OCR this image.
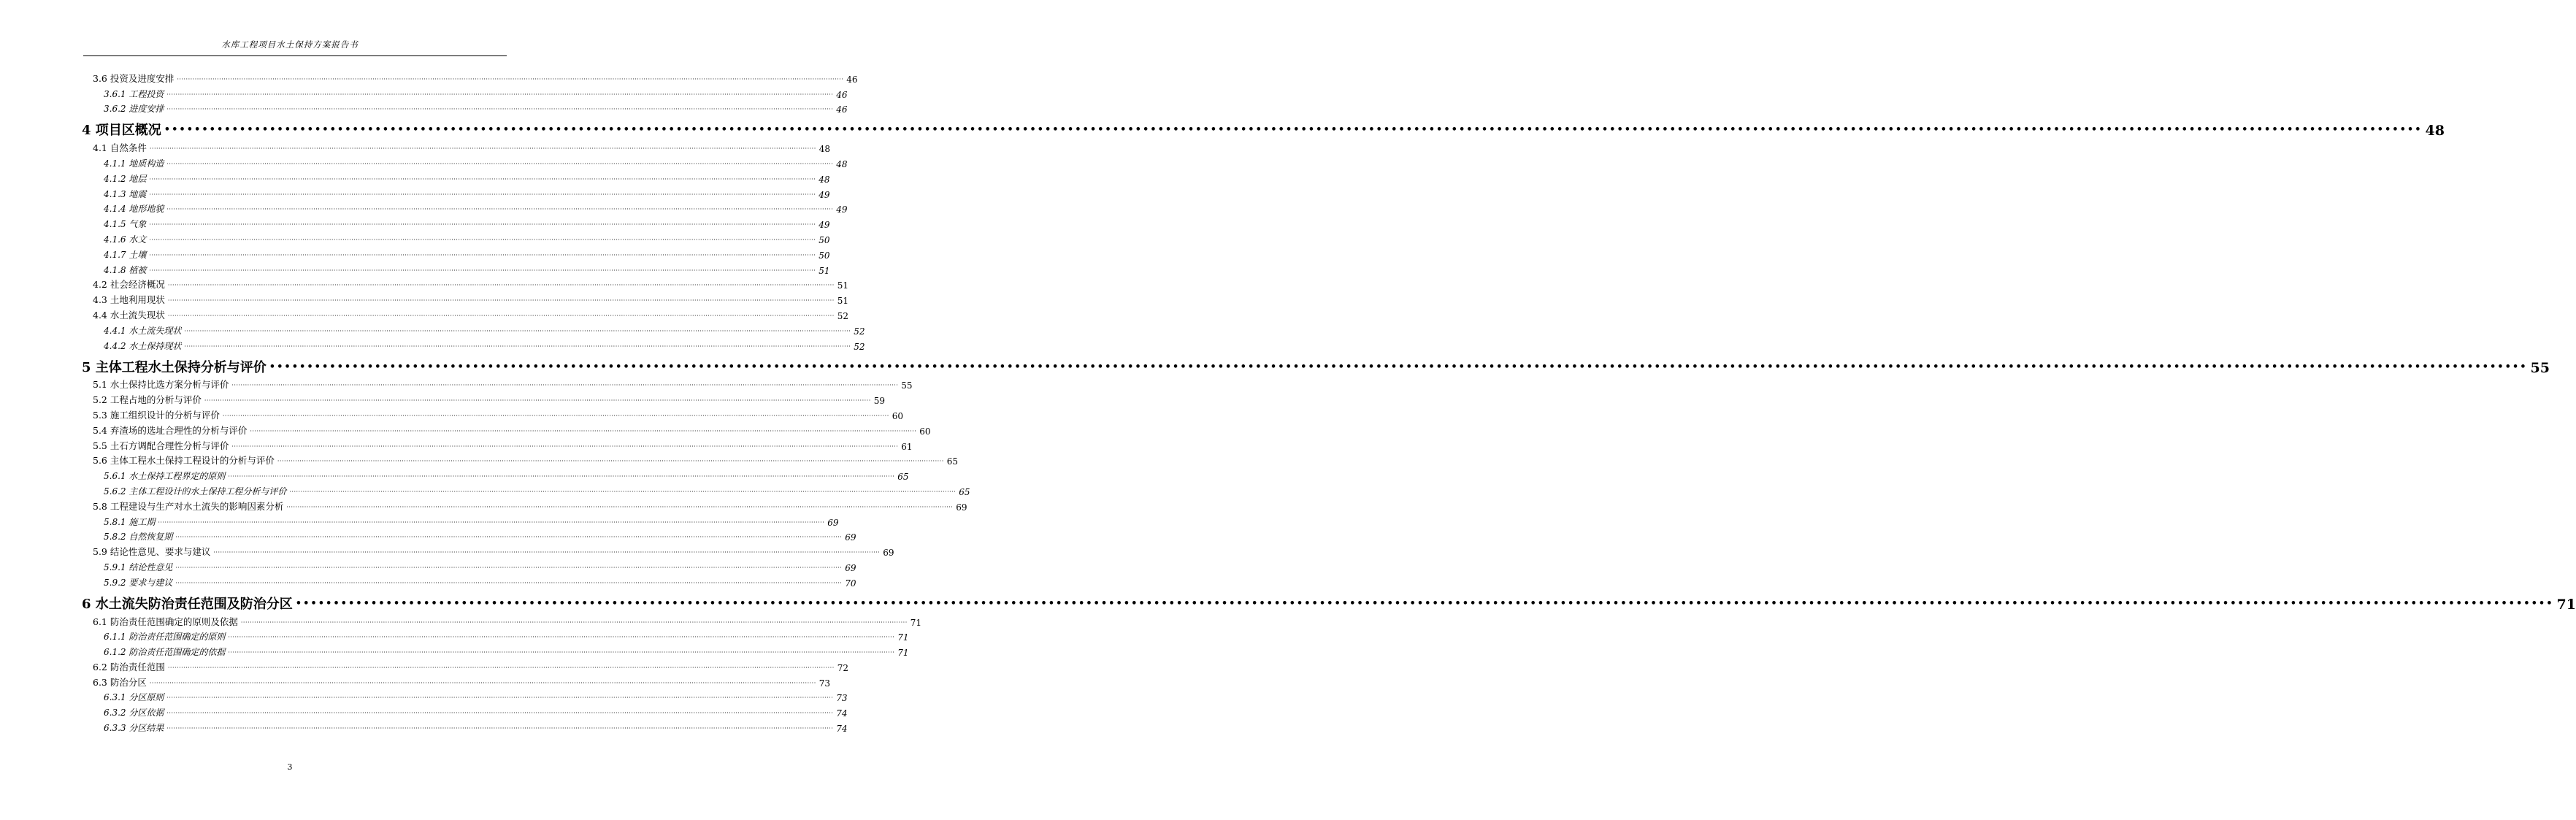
水库工程项目水土保持方案报告书
3.6 投资及进度安排 ············································································································································································································································································································ 46
3.6.1 工程投资 ············································································································································································································································································································ 46
3.6.2 进度安排 ············································································································································································································································································································ 46
4 项目区概况 •••••••••••••••••••••••••••••••••••••••••••••••••••••••••••••••••••••••••••••••••••••••••••••••••••••••••••••••••••••••••••••••••••••••••••••••••••••••••••••••••••••••••••••••••••••••••••••••••••••••••••••••••••••••••••••••••••••••••••••••••••••••••••••••••••••••••••••••••••••••••••••••••••••••••••• 48
4.1 自然条件 ············································································································································································································································································································ 48
4.1.1 地质构造 ············································································································································································································································································································ 48
4.1.2 地层 ············································································································································································································································································································ 48
4.1.3 地震 ············································································································································································································································································································ 49
4.1.4 地形地貌 ············································································································································································································································································································ 49
4.1.5 气象 ············································································································································································································································································································ 49
4.1.6 水文 ············································································································································································································································································································ 50
4.1.7 土壤 ············································································································································································································································································································ 50
4.1.8 植被 ············································································································································································································································································································ 51
4.2 社会经济概况 ············································································································································································································································································································ 51
4.3 土地利用现状 ············································································································································································································································································································ 51
4.4 水土流失现状 ············································································································································································································································································································ 52
4.4.1 水土流失现状 ············································································································································································································································································································ 52
4.4.2 水土保持现状 ············································································································································································································································································································ 52
5 主体工程水土保持分析与评价 •••••••••••••••••••••••••••••••••••••••••••••••••••••••••••••••••••••••••••••••••••••••••••••••••••••••••••••••••••••••••••••••••••••••••••••••••••••••••••••••••••••••••••••••••••••••••••••••••••••••••••••••••••••••••••••••••••••••••••••••••••••••••••••••••••••••••••••••••••••••••••••••••••••••••••• 55
5.1 水土保持比选方案分析与评价 ············································································································································································································································································································ 55
5.2 工程占地的分析与评价 ············································································································································································································································································································ 59
5.3 施工组织设计的分析与评价 ············································································································································································································································································································ 60
5.4 弃渣场的选址合理性的分析与评价 ············································································································································································································································································································ 60
5.5 土石方调配合理性分析与评价 ············································································································································································································································································································ 61
5.6 主体工程水土保持工程设计的分析与评价 ············································································································································································································································································································ 65
5.6.1 水土保持工程界定的原则 ············································································································································································································································································································ 65
5.6.2 主体工程设计的水土保持工程分析与评价 ············································································································································································································································································································ 65
5.8 工程建设与生产对水土流失的影响因素分析 ············································································································································································································································································································ 69
5.8.1 施工期 ············································································································································································································································································································ 69
5.8.2 自然恢复期 ············································································································································································································································································································ 69
5.9 结论性意见、要求与建议 ············································································································································································································································································································ 69
5.9.1 结论性意见 ············································································································································································································································································································ 69
5.9.2 要求与建议 ············································································································································································································································································································ 70
6 水土流失防治责任范围及防治分区 •••••••••••••••••••••••••••••••••••••••••••••••••••••••••••••••••••••••••••••••••••••••••••••••••••••••••••••••••••••••••••••••••••••••••••••••••••••••••••••••••••••••••••••••••••••••••••••••••••••••••••••••••••••••••••••••••••••••••••••••••••••••••••••••••••••••••••••••••••••••••••••••••••••••••••• 71
6.1 防治责任范围确定的原则及依据 ············································································································································································································································································································ 71
6.1.1 防治责任范围确定的原则 ············································································································································································································································································································ 71
6.1.2 防治责任范围确定的依据 ············································································································································································································································································································ 71
6.2 防治责任范围 ············································································································································································································································································································ 72
6.3 防治分区 ············································································································································································································································································································ 73
6.3.1 分区原则 ············································································································································································································································································································ 73
6.3.2 分区依据 ············································································································································································································································································································ 74
6.3.3 分区结果 ············································································································································································································································································································ 74
3
